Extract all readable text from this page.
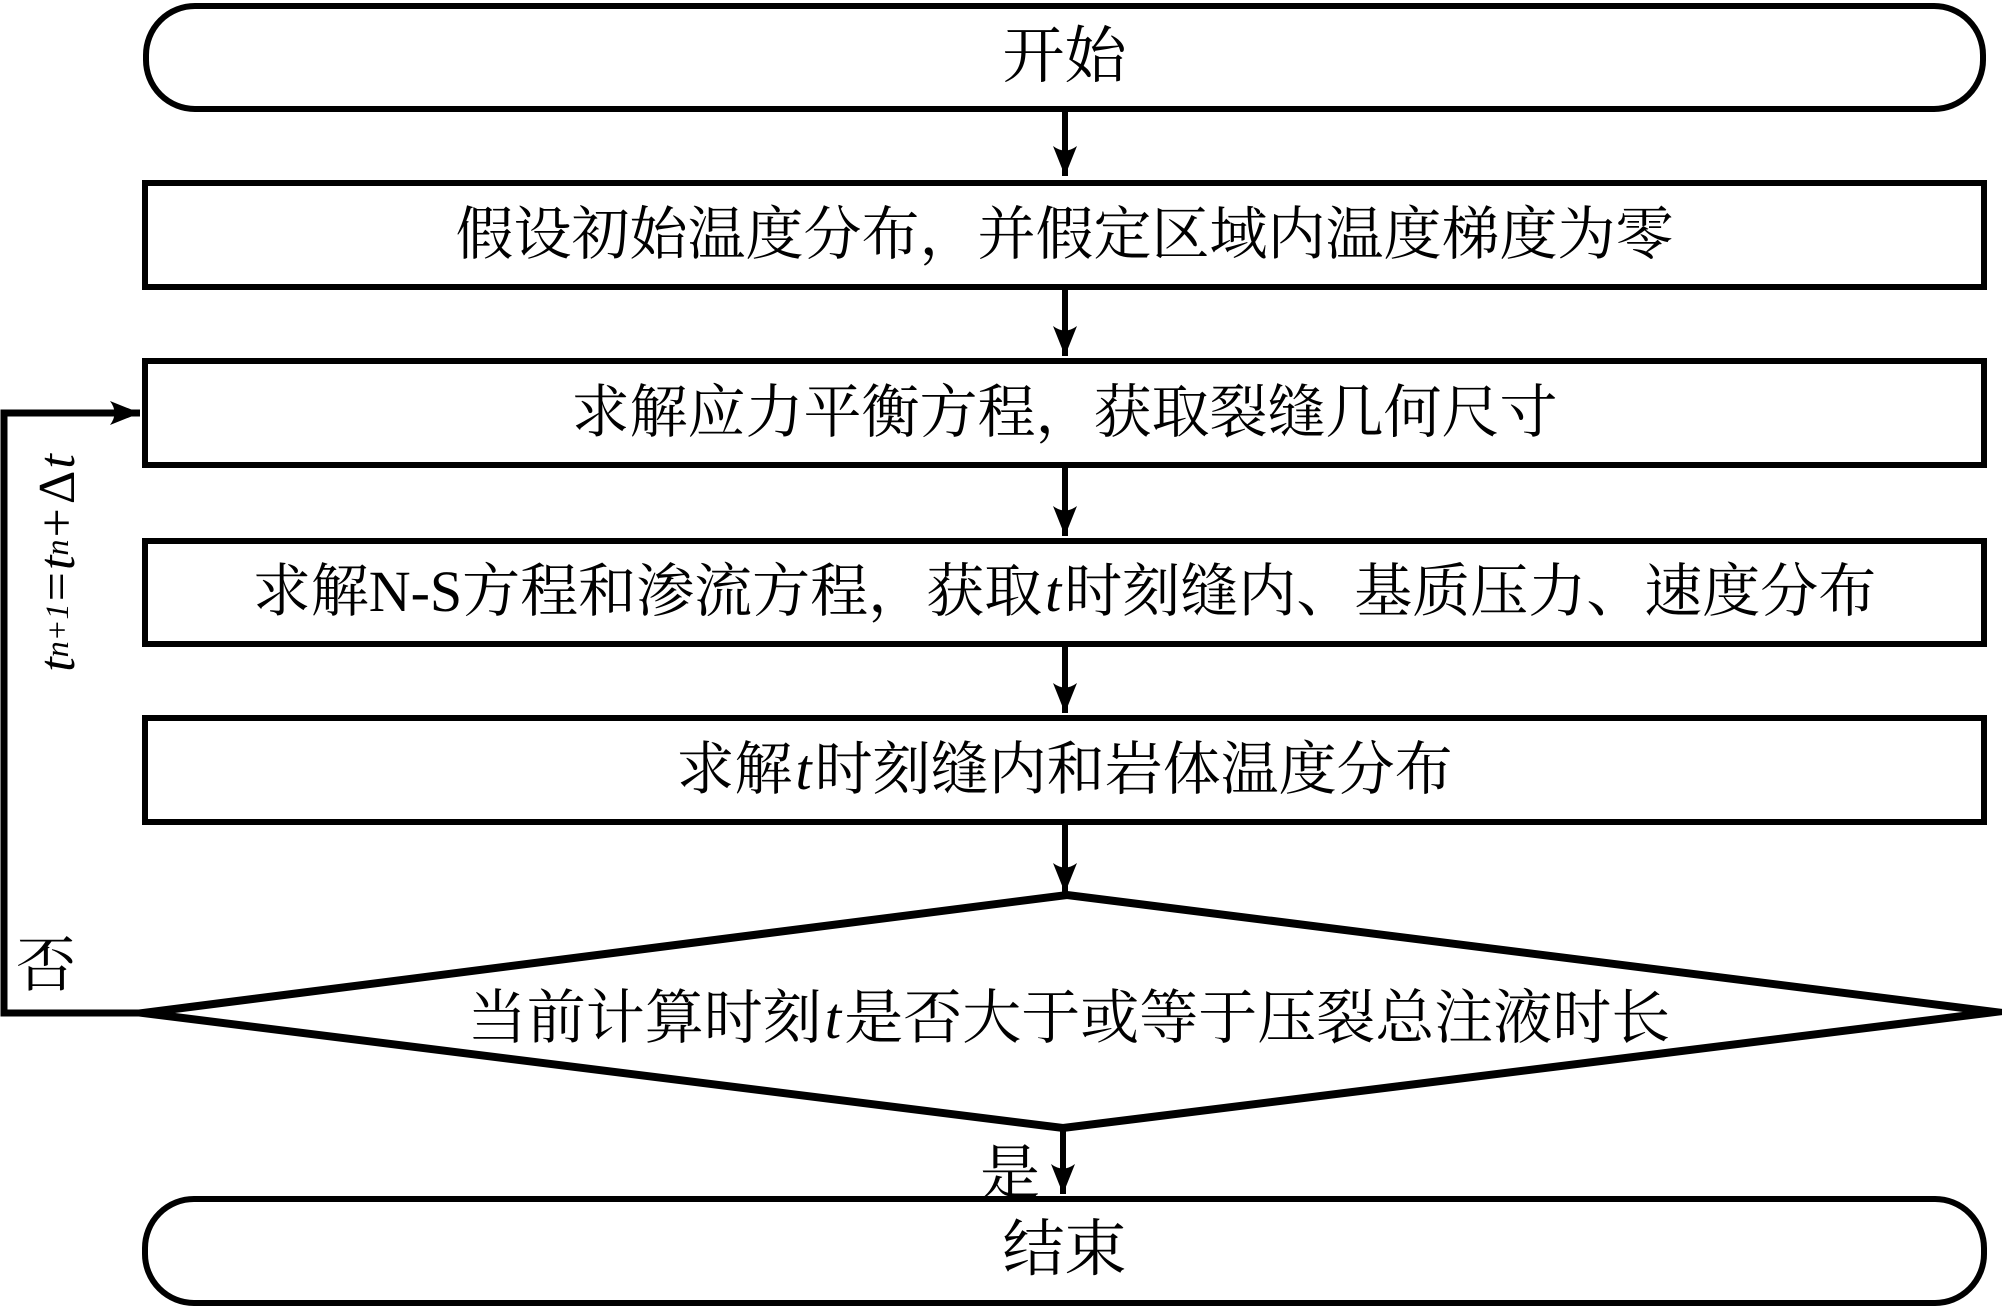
开始
假设初始温度分布，并假定区域内温度梯度为零
求解应力平衡方程，获取裂缝几何尺寸
求解N-S方程和渗流方程，获取t时刻缝内、基质压力、速度分布
求解t时刻缝内和岩体温度分布
当前计算时刻t是否大于或等于压裂总注液时长
结束
否
是
t
n+1
=
t
n
+
Δ
t
